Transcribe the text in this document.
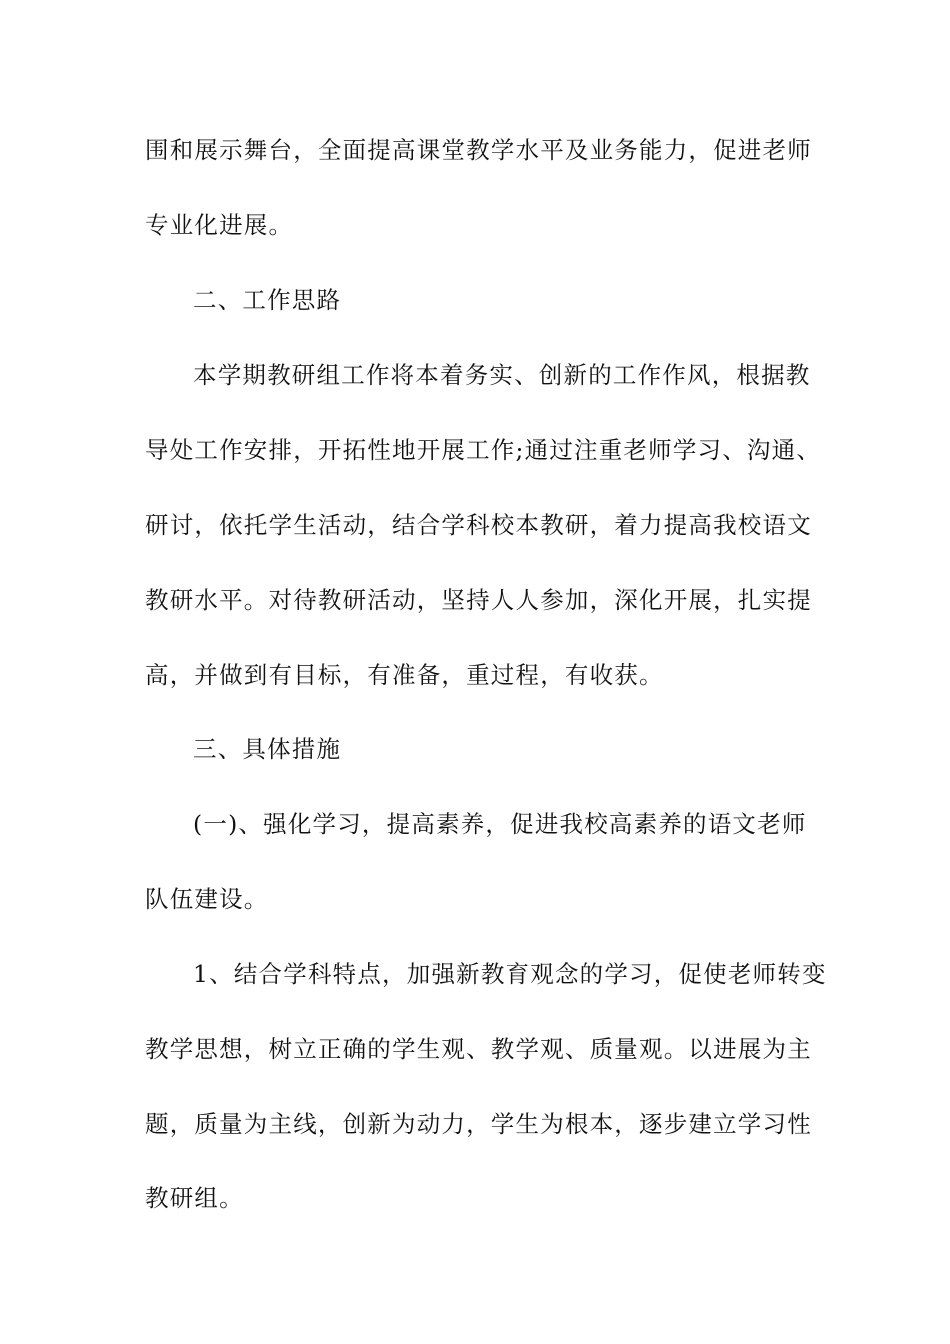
围和展示舞台，全面提高课堂教学水平及业务能力，促进老师
专业化进展。
二、工作思路
本学期教研组工作将本着务实、创新的工作作风，根据教
导处工作安排，开拓性地开展工作;通过注重老师学习、沟通、
研讨，依托学生活动，结合学科校本教研，着力提高我校语文
教研水平。对待教研活动，坚持人人参加，深化开展，扎实提
高，并做到有目标，有准备，重过程，有收获。
三、具体措施
(一)、强化学习，提高素养，促进我校高素养的语文老师
队伍建设。
1、结合学科特点，加强新教育观念的学习，促使老师转变
教学思想，树立正确的学生观、教学观、质量观。以进展为主
题，质量为主线，创新为动力，学生为根本，逐步建立学习性
教研组。
